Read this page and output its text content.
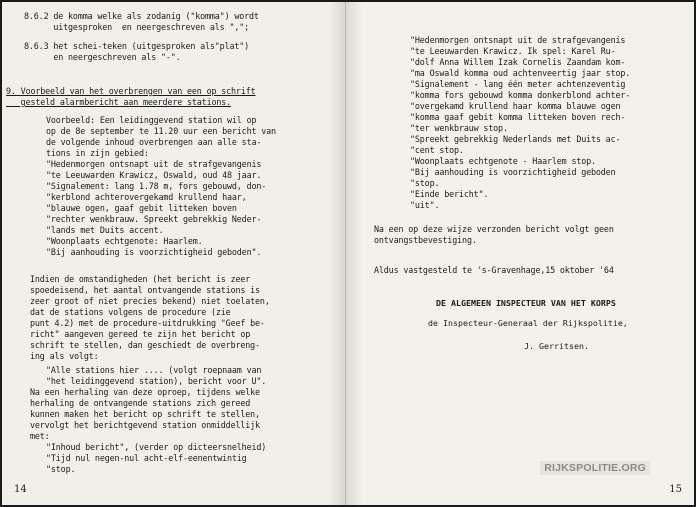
8.6.2 de komma welke als zodanig ("komma") wordt
uitgesproken  en neergeschreven als ",";
8.6.3 het schei-teken (uitgesproken als"plat")
en neergeschreven als "-".
9. Voorbeeld van het overbrengen van een op schrift
gesteld alarmbericht aan meerdere stations.
Voorbeeld: Een leidinggevend station wil op
op de 8e september te 11.20 uur een bericht van
de volgende inhoud overbrengen aan alle sta-
tions in zijn gebied:
"Hedenmorgen ontsnapt uit de strafgevangenis
"te Leeuwarden Krawicz, Oswald, oud 48 jaar.
"Signalement: lang 1.78 m, fors gebouwd, don-
"kerblond achterovergekamd krullend haar,
"blauwe ogen, gaaf gebit litteken boven
"rechter wenkbrauw. Spreekt gebrekkig Neder-
"lands met Duits accent.
"Woonplaats echtgenote: Haarlem.
"Bij aanhouding is voorzichtigheid geboden".
Indien de omstandigheden (het bericht is zeer
spoedeisend, het aantal ontvangende stations is
zeer groot of niet precies bekend) niet toelaten,
dat de stations volgens de procedure (zie
punt 4.2) met de procedure-uitdrukking "Geef be-
richt" aangeven gereed te zijn het bericht op
schrift te stellen, dan geschiedt de overbreng-
ing als volgt:
"Alle stations hier .... (volgt roepnaam van
"het leidinggevend station), bericht voor U".
Na een herhaling van deze oproep, tijdens welke
herhaling de ontvangende stations zich gereed
kunnen maken het bericht op schrift te stellen,
vervolgt het berichtgevend station onmiddellijk
met:
"Inhoud bericht", (verder op dicteersnelheid)
"Tijd nul negen-nul acht-elf-eenentwintig
"stop.
14
"Hedenmorgen ontsnapt uit de strafgevangenis
"te Leeuwarden Krawicz. Ik spel: Karel Ru-
"dolf Anna Willem Izak Cornelis Zaandam kom-
"ma Oswald komma oud achtenveertig jaar stop.
"Signalement - lang één meter achtenzeventig
"komma fors gebouwd komma donkerblond achter-
"overgekamd krullend haar komma blauwe ogen
"komma gaaf gebit komma litteken boven rech-
"ter wenkbrauw stop.
"Spreekt gebrekkig Nederlands met Duits ac-
"cent stop.
"Woonplaats echtgenote - Haarlem stop.
"Bij aanhouding is voorzichtigheid geboden
"stop.
"Einde bericht".
"uit".
Na een op deze wijze verzonden bericht volgt geen
ontvangstbevestiging.
Aldus vastgesteld te 's-Gravenhage,15 oktober '64
DE ALGEMEEN INSPECTEUR VAN HET KORPS
de Inspecteur-Generaal der Rijkspolitie,
J. Gerritsen.
RIJKSPOLITIE.ORG
15
